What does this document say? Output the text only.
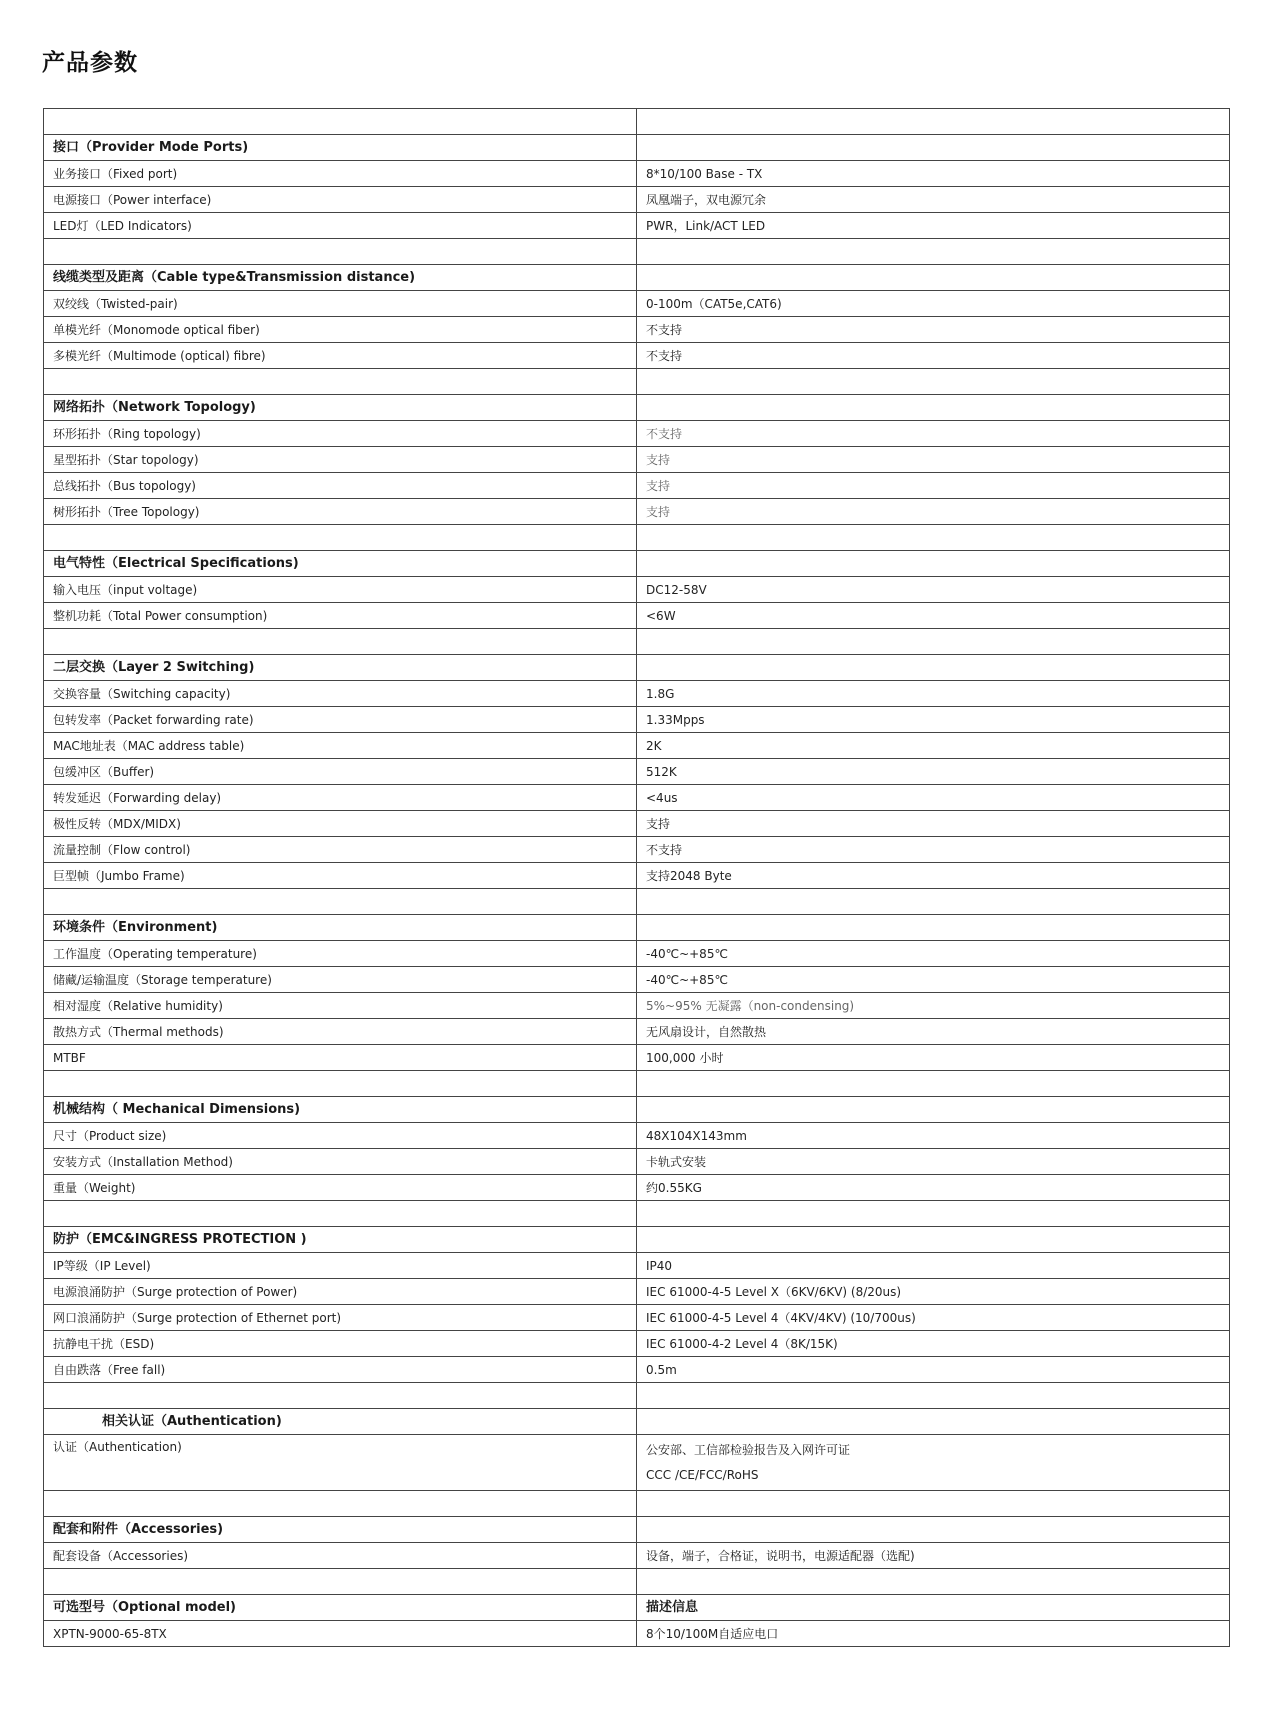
产品参数

接口（Provider Mode Ports)	
业务接口（Fixed port)	8*10/100 Base - TX
电源接口（Power interface)	凤凰端子，双电源冗余
LED灯（LED Indicators)	PWR，Link/ACT LED

线缆类型及距离（Cable type&Transmission distance)	
双绞线（Twisted-pair)	0-100m（CAT5e,CAT6)
单模光纤（Monomode optical fiber)	不支持
多模光纤（Multimode (optical) fibre)	不支持

网络拓扑（Network Topology)	
环形拓扑（Ring topology)	不支持
星型拓扑（Star topology)	支持
总线拓扑（Bus topology)	支持
树形拓扑（Tree Topology)	支持

电气特性（Electrical Specifications)	
输入电压（input voltage)	DC12-58V
整机功耗（Total Power consumption)	<6W

二层交换（Layer 2 Switching)	
交换容量（Switching capacity)	1.8G
包转发率（Packet forwarding rate)	1.33Mpps
MAC地址表（MAC address table)	2K
包缓冲区（Buffer)	512K
转发延迟（Forwarding delay)	<4us
极性反转（MDX/MIDX)	支持
流量控制（Flow control)	不支持
巨型帧（Jumbo Frame)	支持2048 Byte

环境条件（Environment)	
工作温度（Operating temperature)	-40℃~+85℃
储藏/运输温度（Storage temperature)	-40℃~+85℃
相对湿度（Relative humidity)	5%~95% 无凝露（non-condensing)
散热方式（Thermal methods)	无风扇设计，自然散热
MTBF	100,000 小时

机械结构（ Mechanical Dimensions)	
尺寸（Product size)	48X104X143mm
安装方式（Installation Method)	卡轨式安装
重量（Weight)	约0.55KG

防护（EMC&INGRESS PROTECTION )	
IP等级（IP Level)	IP40
电源浪涌防护（Surge protection of Power)	IEC 61000-4-5 Level X（6KV/6KV) (8/20us)
网口浪涌防护（Surge protection of Ethernet port)	IEC 61000-4-5 Level 4（4KV/4KV) (10/700us)
抗静电干扰（ESD)	IEC 61000-4-2 Level 4（8K/15K)
自由跌落（Free fall)	0.5m

相关认证（Authentication)	
认证（Authentication)	公安部、工信部检验报告及入网许可证
CCC /CE/FCC/RoHS

配套和附件（Accessories)	
配套设备（Accessories)	设备，端子，合格证，说明书，电源适配器（选配)

可选型号（Optional model)	描述信息
XPTN-9000-65-8TX	8个10/100M自适应电口
